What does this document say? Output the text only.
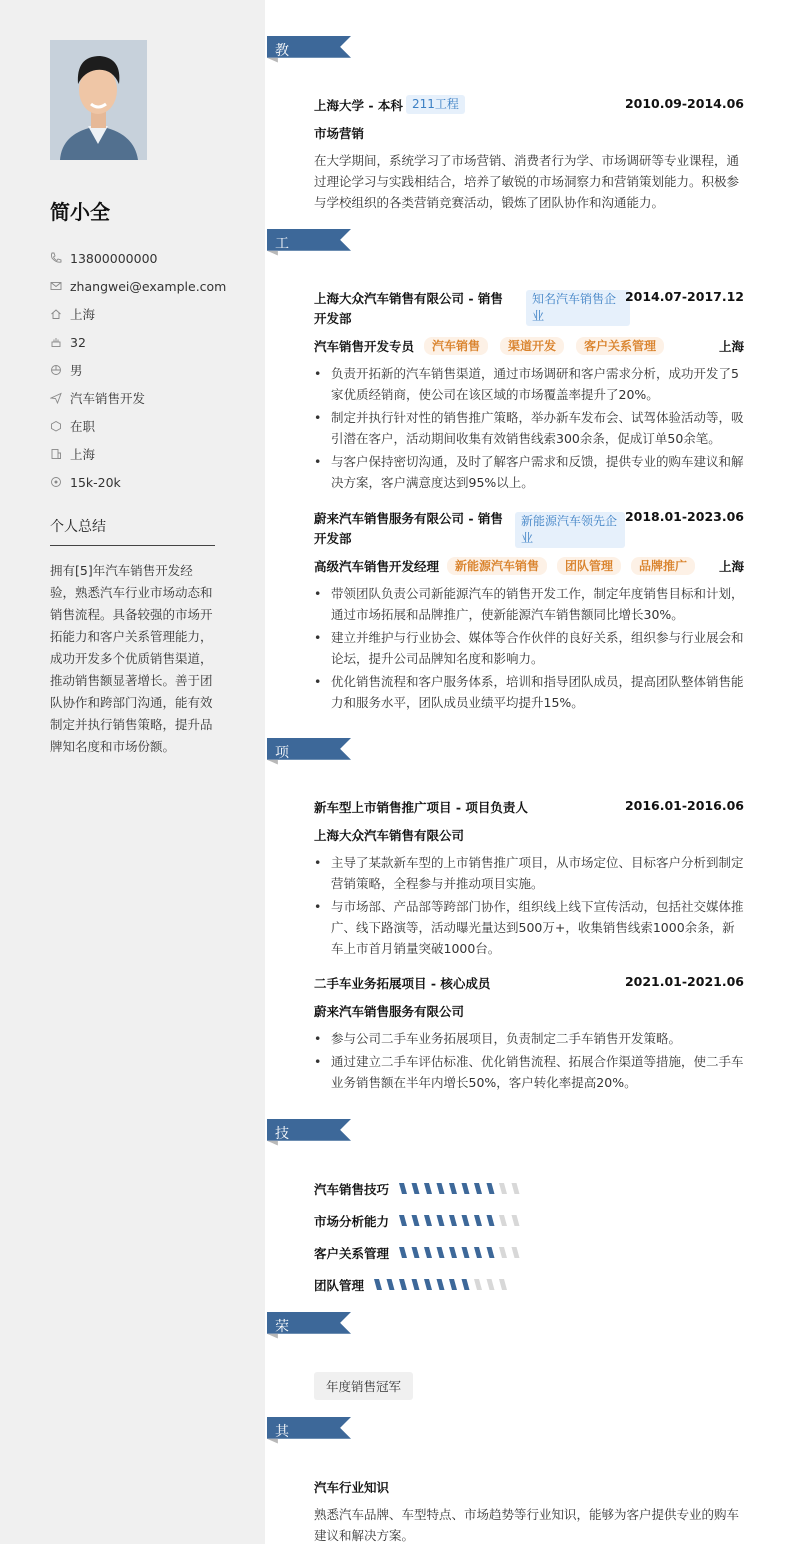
简小全
13800000000
zhangwei@example.com
上海
32
男
汽车销售开发
在职
上海
15k-20k
个人总结
拥有[5]年汽车销售开发经验，熟悉汽车行业市场动态和销售流程。具备较强的市场开拓能力和客户关系管理能力，成功开发多个优质销售渠道，推动销售额显著增长。善于团队协作和跨部门沟通，能有效制定并执行销售策略，提升品牌知名度和市场份额。
教育经历 上海大学 - 本科 211工程	2010.09-2014.06
市场营销
在大学期间，系统学习了市场营销、消费者行为学、市场调研等专业课程，通过理论学习与实践相结合，培养了敏锐的市场洞察力和营销策划能力。积极参与学校组织的各类营销竞赛活动，锻炼了团队协作和沟通能力。
工作经历 上海大众汽车销售有限公司 - 销售开发部
知名汽车销售企业
2014.07-2017.12
汽车销售开发专员	汽车销售	渠道开发	客户关系管理	上海
• 负责开拓新的汽车销售渠道，通过市场调研和客户需求分析，成功开发了5家优质经销商，使公司在该区域的市场覆盖率提升了20%。
• 制定并执行针对性的销售推广策略，举办新车发布会、试驾体验活动等，吸引潜在客户，活动期间收集有效销售线索300余条，促成订单50余笔。
• 与客户保持密切沟通，及时了解客户需求和反馈，提供专业的购车建议和解决方案，客户满意度达到95%以上。
蔚来汽车销售服务有限公司 - 销售开发部
新能源汽车领先企业
2018.01-2023.06
高级汽车销售开发经理	新能源汽车销售	团队管理	品牌推广	上海
• 带领团队负责公司新能源汽车的销售开发工作，制定年度销售目标和计划，通过市场拓展和品牌推广，使新能源汽车销售额同比增长30%。
• 建立并维护与行业协会、媒体等合作伙伴的良好关系，组织参与行业展会和论坛，提升公司品牌知名度和影响力。
• 优化销售流程和客户服务体系，培训和指导团队成员，提高团队整体销售能力和服务水平，团队成员业绩平均提升15%。
项目经历 新车型上市销售推广项目 - 项目负责人	2016.01-2016.06
上海大众汽车销售有限公司
• 主导了某款新车型的上市销售推广项目，从市场定位、目标客户分析到制定营销策略，全程参与并推动项目实施。
• 与市场部、产品部等跨部门协作，组织线上线下宣传活动，包括社交媒体推广、线下路演等，活动曝光量达到500万+，收集销售线索1000余条，新车上市首月销量突破1000台。
二手车业务拓展项目 - 核心成员	2021.01-2021.06
蔚来汽车销售服务有限公司
• 参与公司二手车业务拓展项目，负责制定二手车销售开发策略。
• 通过建立二手车评估标准、优化销售流程、拓展合作渠道等措施，使二手车业务销售额在半年内增长50%，客户转化率提高20%。
技能专长 汽车销售技巧
市场分析能力
客户关系管理
团队管理
荣誉奖项	年度销售冠军
其他信息 汽车行业知识
熟悉汽车品牌、车型特点、市场趋势等行业知识，能够为客户提供专业的购车建议和解决方案。
